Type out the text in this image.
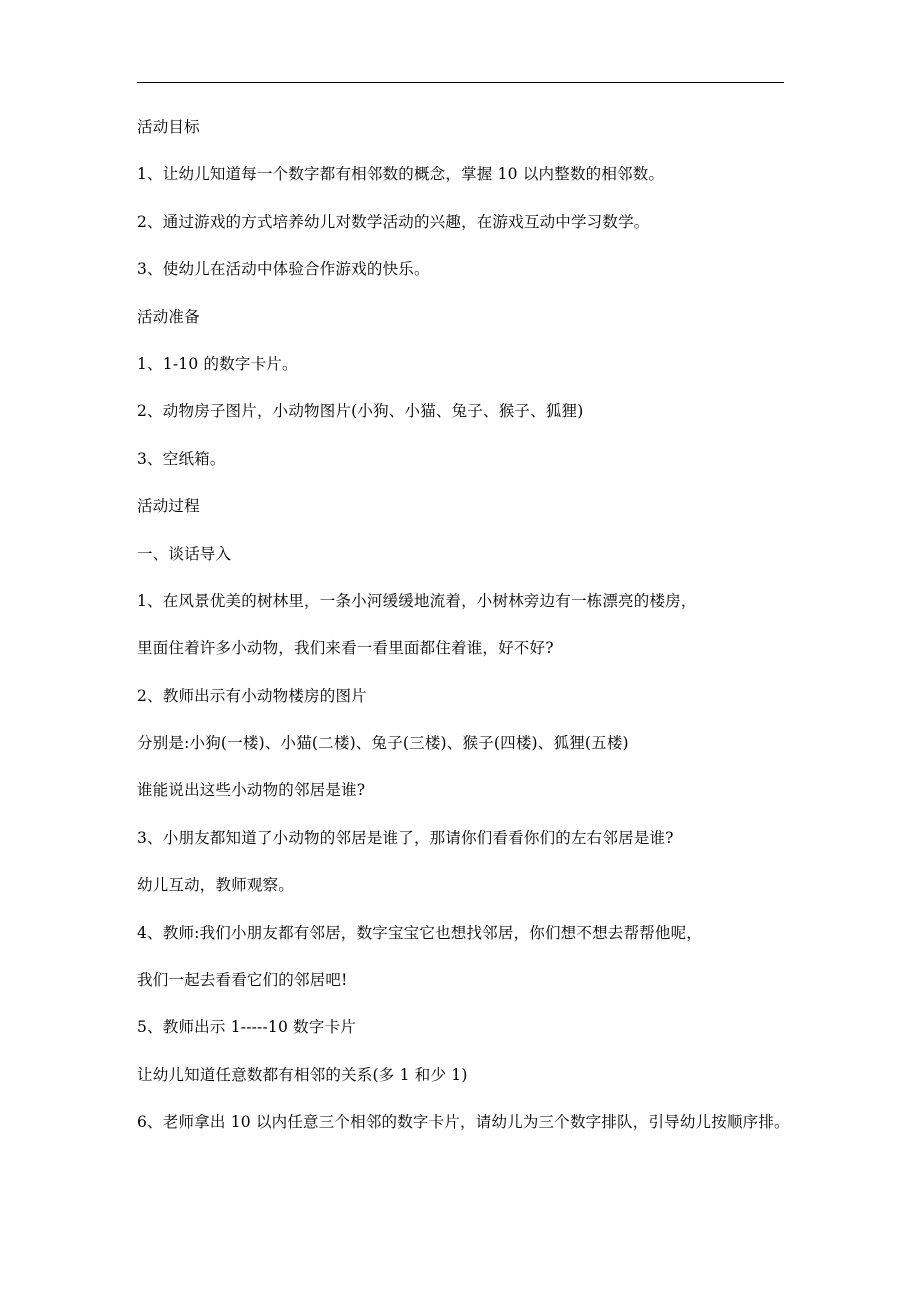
活动目标
1、让幼儿知道每一个数字都有相邻数的概念，掌握 10 以内整数的相邻数。
2、通过游戏的方式培养幼儿对数学活动的兴趣，在游戏互动中学习数学。
3、使幼儿在活动中体验合作游戏的快乐。
活动准备
1、1-10 的数字卡片。
2、动物房子图片，小动物图片(小狗、小猫、兔子、猴子、狐狸)
3、空纸箱。
活动过程
一、谈话导入
1、在风景优美的树林里，一条小河缓缓地流着，小树林旁边有一栋漂亮的楼房，
里面住着许多小动物，我们来看一看里面都住着谁，好不好?
2、教师出示有小动物楼房的图片
分别是:小狗(一楼)、小猫(二楼)、兔子(三楼)、猴子(四楼)、狐狸(五楼)
谁能说出这些小动物的邻居是谁?
3、小朋友都知道了小动物的邻居是谁了，那请你们看看你们的左右邻居是谁?
幼儿互动，教师观察。
4、教师:我们小朋友都有邻居，数字宝宝它也想找邻居，你们想不想去帮帮他呢，
我们一起去看看它们的邻居吧!
5、教师出示 1-----10 数字卡片
让幼儿知道任意数都有相邻的关系(多 1 和少 1)
6、老师拿出 10 以内任意三个相邻的数字卡片，请幼儿为三个数字排队，引导幼儿按顺序排。
